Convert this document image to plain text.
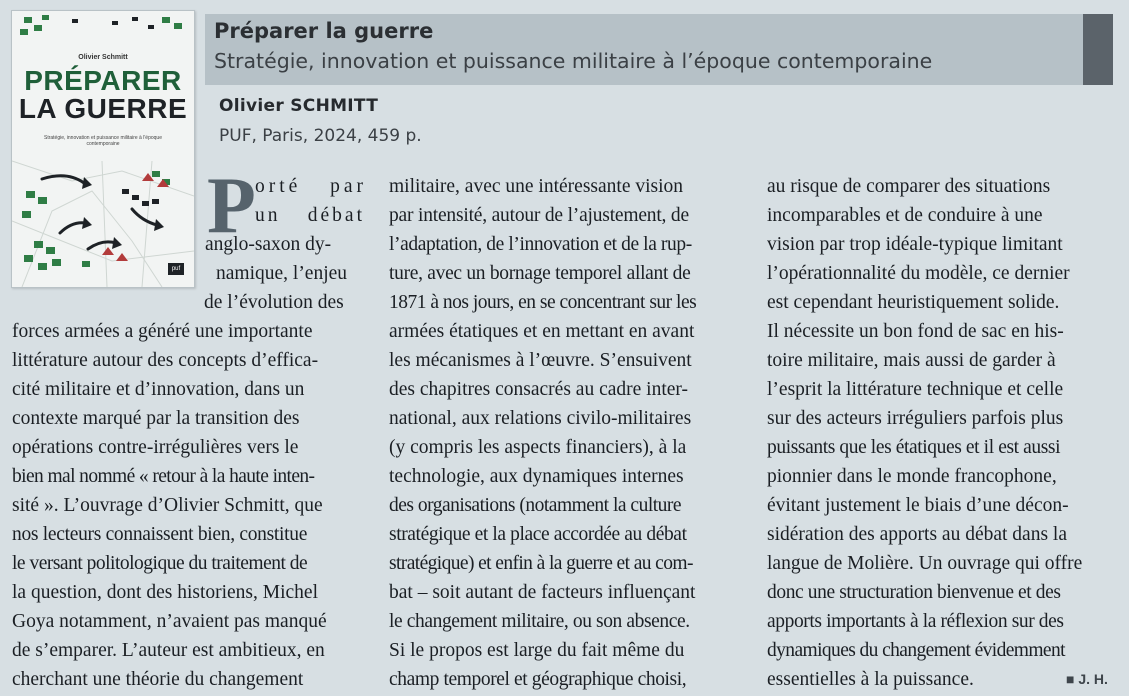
Olivier Schmitt
PRÉPARER
LA GUERRE
Stratégie, innovation et puissance militaire à l'époque contemporaine
puf
Préparer la guerre
Stratégie, innovation et puissance militaire à l’époque contemporaine
Olivier SCHMITT
PUF, Paris, 2024, 459 p.
P orté par
un débat
anglo-saxon dy-
namique, l’enjeu
de l’évolution des
forces armées a généré une importante
littérature autour des concepts d’effica-
cité militaire et d’innovation, dans un
contexte marqué par la transition des
opérations contre-irrégulières vers le
bien mal nommé « retour à la haute inten-
sité ». L’ouvrage d’Olivier Schmitt, que
nos lecteurs connaissent bien, constitue
le versant politologique du traitement de
la question, dont des historiens, Michel
Goya notamment, n’avaient pas manqué
de s’emparer. L’auteur est ambitieux, en
cherchant une théorie du changement
militaire, avec une intéressante vision
par intensité, autour de l’ajustement, de
l’adaptation, de l’innovation et de la rup-
ture, avec un bornage temporel allant de
1871 à nos jours, en se concentrant sur les
armées étatiques et en mettant en avant
les mécanismes à l’œuvre. S’ensuivent
des chapitres consacrés au cadre inter-
national, aux relations civilo-militaires
(y compris les aspects financiers), à la
technologie, aux dynamiques internes
des organisations (notamment la culture
stratégique et la place accordée au débat
stratégique) et enfin à la guerre et au com-
bat – soit autant de facteurs influençant
le changement militaire, ou son absence.
Si le propos est large du fait même du
champ temporel et géographique choisi,
au risque de comparer des situations
incomparables et de conduire à une
vision par trop idéale-typique limitant
l’opérationnalité du modèle, ce dernier
est cependant heuristiquement solide.
Il nécessite un bon fond de sac en his-
toire militaire, mais aussi de garder à
l’esprit la littérature technique et celle
sur des acteurs irréguliers parfois plus
puissants que les étatiques et il est aussi
pionnier dans le monde francophone,
évitant justement le biais d’une décon-
sidération des apports au débat dans la
langue de Molière. Un ouvrage qui offre
donc une structuration bienvenue et des
apports importants à la réflexion sur des
dynamiques du changement évidemment
essentielles à la puissance.	■ J. H.
